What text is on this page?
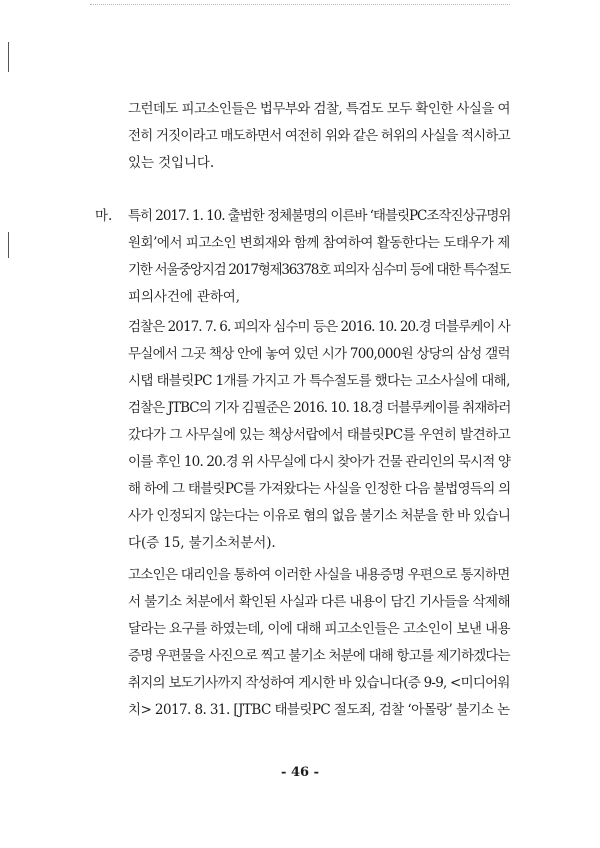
그런데도 피고소인들은 법무부와 검찰, 특검도 모두 확인한 사실을 여
전히 거짓이라고 매도하면서 여전히 위와 같은 허위의 사실을 적시하고
있는 것입니다.
마. 특히 2017. 1. 10. 출범한 정체불명의 이른바 ‘태블릿PC조작진상규명위
원회’에서 피고소인 변희재와 함께 참여하여 활동한다는 도태우가 제
기한 서울중앙지검 2017형제36378호 피의자 심수미 등에 대한 특수절도
피의사건에 관하여,
검찰은 2017. 7. 6. 피의자 심수미 등은 2016. 10. 20.경 더블루케이 사
무실에서 그곳 책상 안에 놓여 있던 시가 700,000원 상당의 삼성 갤럭
시탭 태블릿PC 1개를 가지고 가 특수절도를 했다는 고소사실에 대해,
검찰은 JTBC의 기자 김필준은 2016. 10. 18.경 더블루케이를 취재하러
갔다가 그 사무실에 있는 책상서랍에서 태블릿PC를 우연히 발견하고
이를 후인 10. 20.경 위 사무실에 다시 찾아가 건물 관리인의 묵시적 양
해 하에 그 태블릿PC를 가져왔다는 사실을 인정한 다음 불법영득의 의
사가 인정되지 않는다는 이유로 혐의 없음 불기소 처분을 한 바 있습니
다(증 15, 불기소처분서).
고소인은 대리인을 통하여 이러한 사실을 내용증명 우편으로 통지하면
서 불기소 처분에서 확인된 사실과 다른 내용이 담긴 기사들을 삭제해
달라는 요구를 하였는데, 이에 대해 피고소인들은 고소인이 보낸 내용
증명 우편물을 사진으로 찍고 불기소 처분에 대해 항고를 제기하겠다는
취지의 보도기사까지 작성하여 게시한 바 있습니다(증 9-9, <미디어워
치> 2017. 8. 31. [JTBC 태블릿PC 절도죄, 검찰 ‘아몰랑’ 불기소 논
- 46 -
